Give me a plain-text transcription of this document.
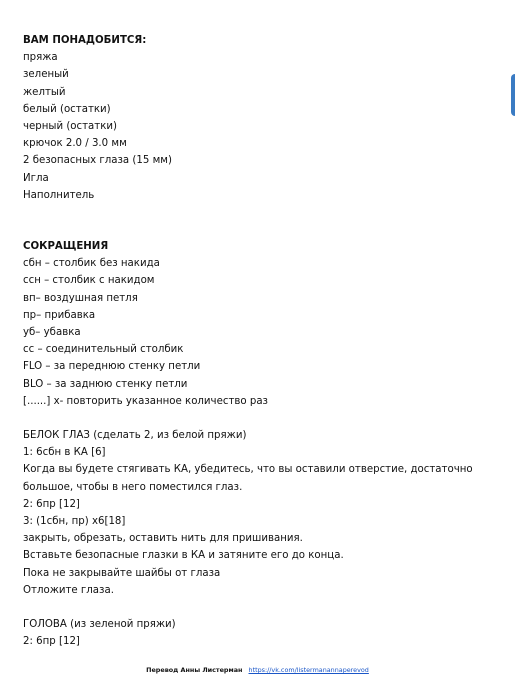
ВАМ ПОНАДОБИТСЯ:

пряжа

зеленый

желтый

белый (остатки)

черный (остатки)

крючок 2.0 / 3.0 мм

2 безопасных глаза (15 мм)

Игла

Наполнитель

СОКРАЩЕНИЯ

сбн – столбик без накида

ссн – столбик с накидом

вп– воздушная петля

пр– прибавка

уб– убавка

сс – соединительный столбик

FLO – за переднюю стенку петли

BLO – за заднюю стенку петли

[......] х- повторить указанное количество раз

БЕЛОК ГЛАЗ (сделать 2, из белой пряжи)

1: 6сбн в КА [6]

Когда вы будете стягивать КА, убедитесь, что вы оставили отверстие, достаточно

большое, чтобы в него поместился глаз.

2: 6пр [12]

3: (1сбн, пр) х6[18]

закрыть, обрезать, оставить нить для пришивания.

Вставьте безопасные глазки в КА и затяните его до конца.

Пока не закрывайте шайбы от глаза

Отложите глаза.

ГОЛОВА (из зеленой пряжи)

2: 6пр [12]

Перевод Анны Листерман https://vk.com/listermanannaperevod
